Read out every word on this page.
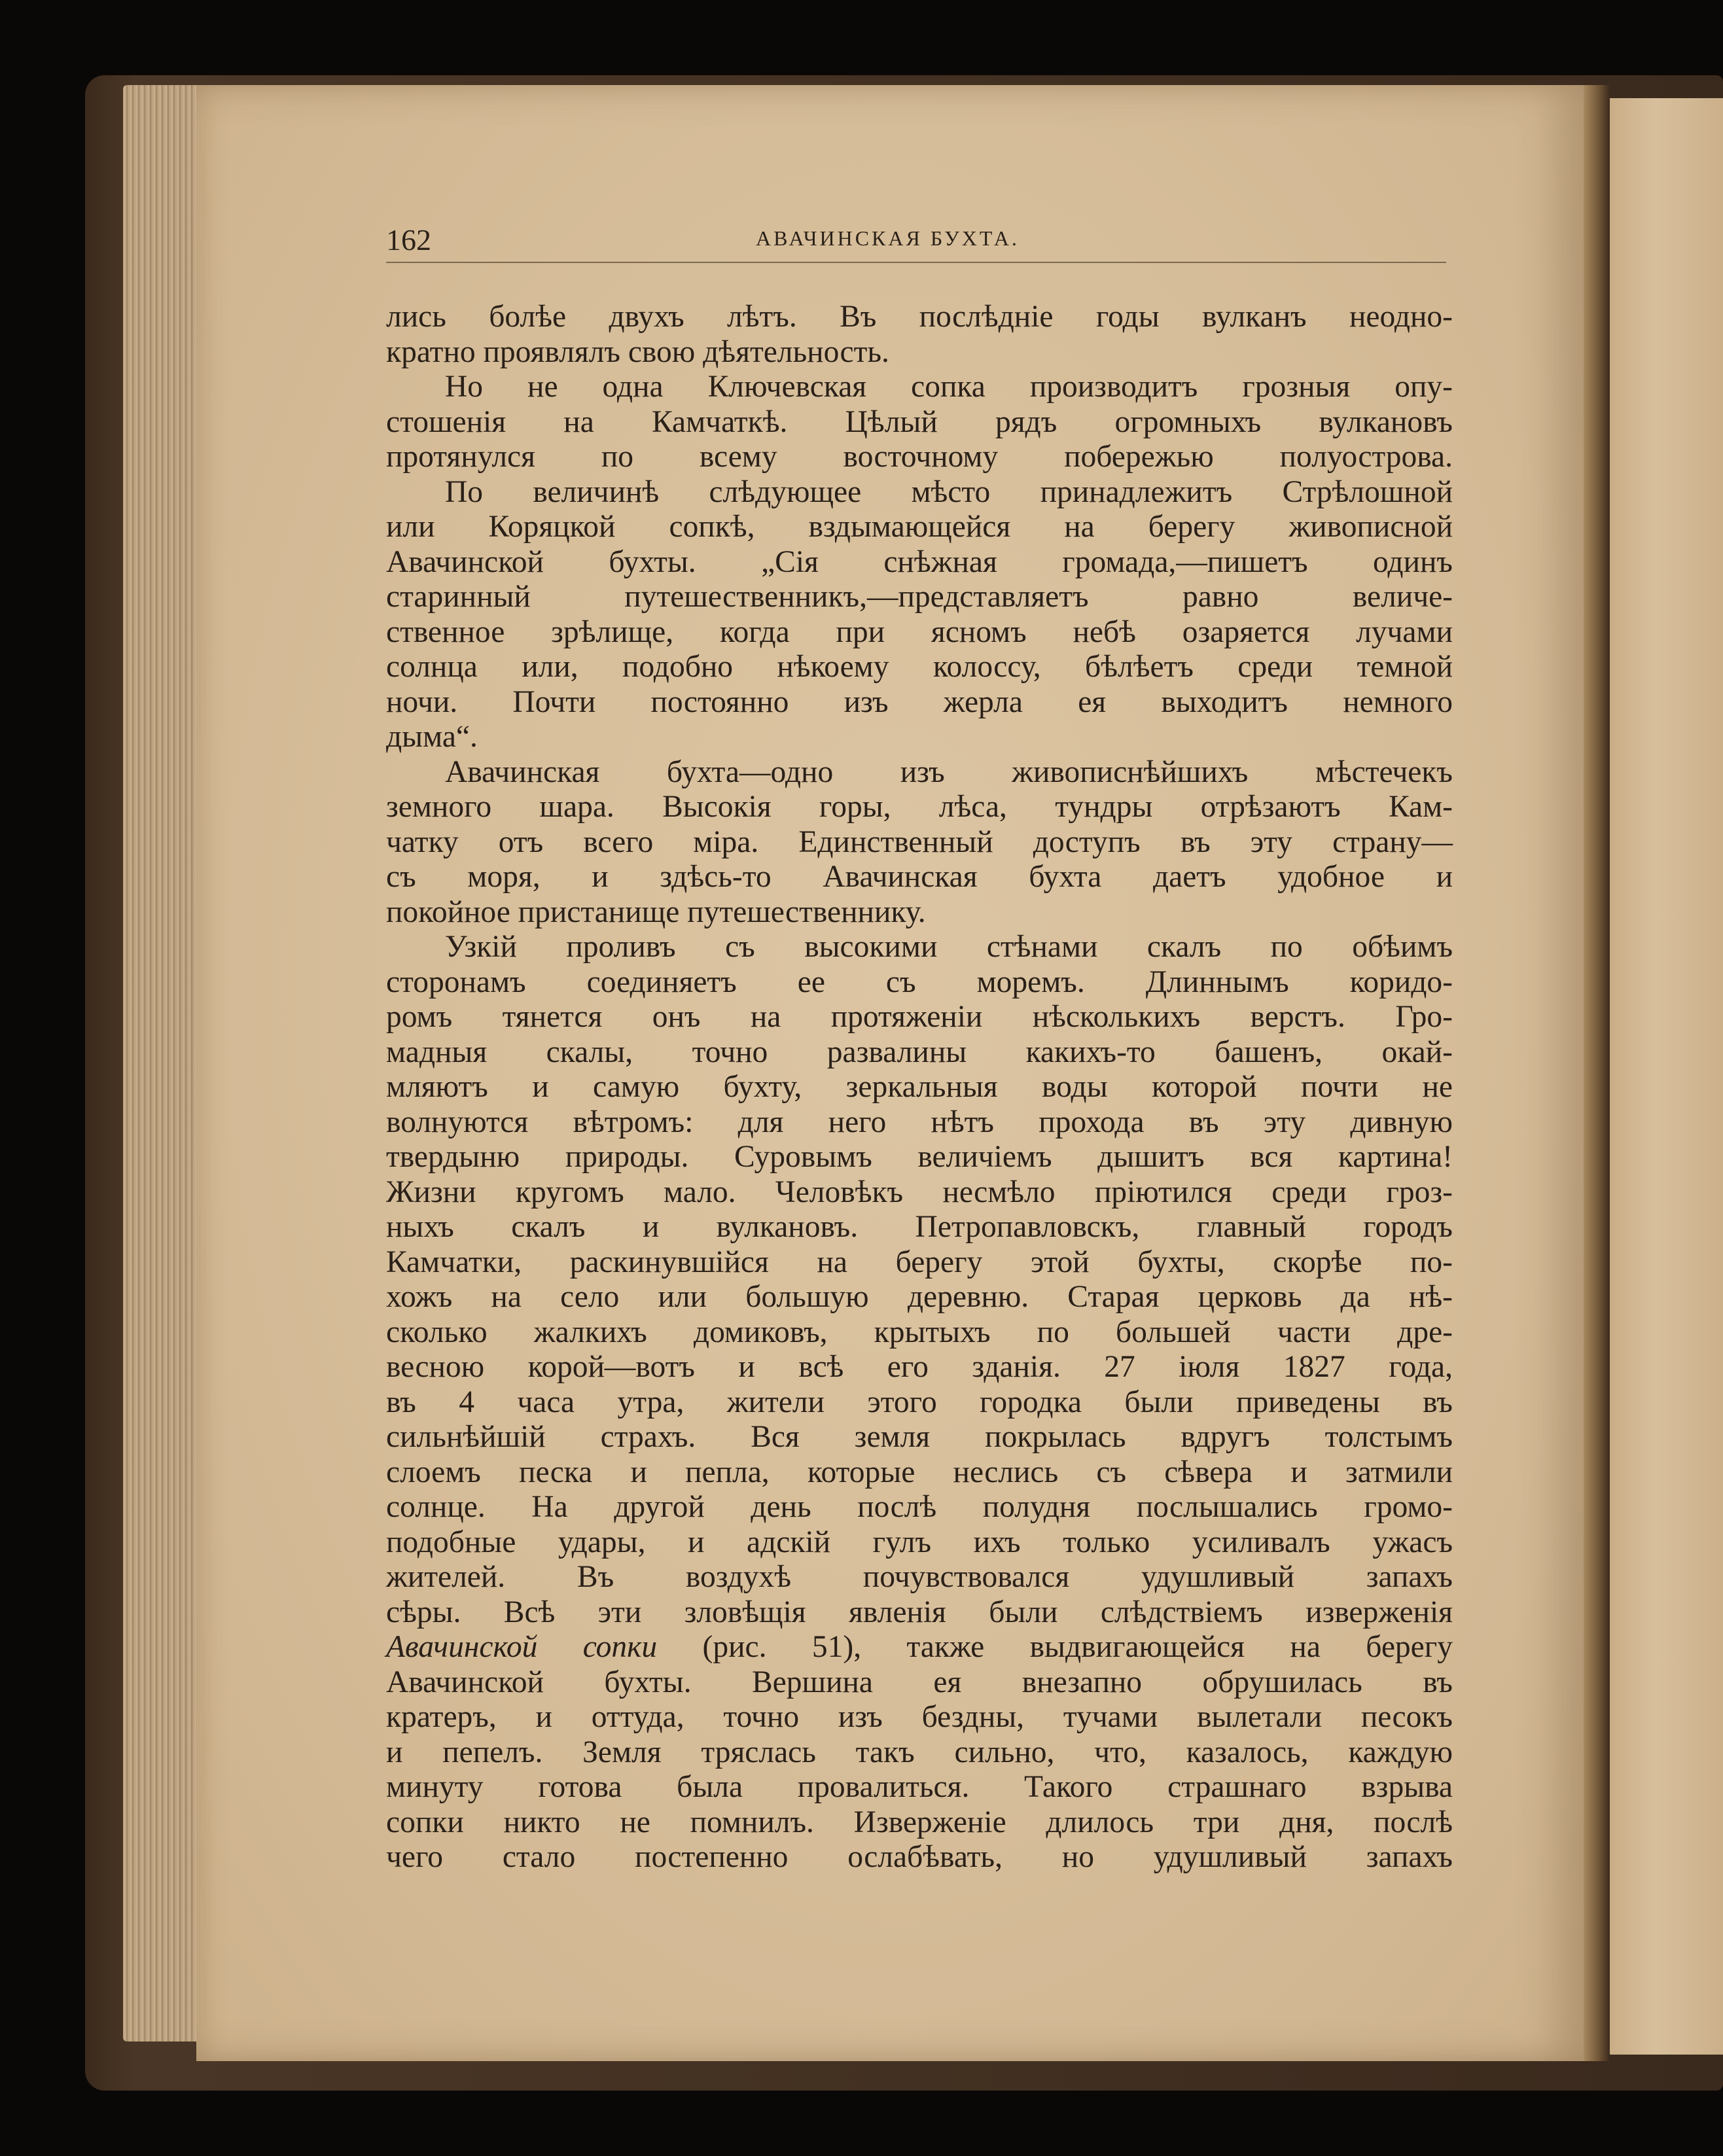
162	АВАЧИНСКАЯ БУХТА.
лись болѣе двухъ лѣтъ. Въ послѣдніе годы вулканъ неодно-
кратно проявлялъ свою дѣятельность.
Но не одна Ключевская сопка производитъ грозныя опу-
стошенія на Камчаткѣ. Цѣлый рядъ огромныхъ вулкановъ
протянулся по всему восточному побережью полуострова.
По величинѣ слѣдующее мѣсто принадлежитъ Стрѣлошной
или Коряцкой сопкѣ, вздымающейся на берегу живописной
Авачинской бухты. „Сія снѣжная громада,—пишетъ одинъ
старинный путешественникъ,—представляетъ равно величе-
ственное зрѣлище, когда при ясномъ небѣ озаряется лучами
солнца или, подобно нѣкоему колоссу, бѣлѣетъ среди темной
ночи. Почти постоянно изъ жерла ея выходитъ немного
дыма“.
Авачинская бухта—одно изъ живописнѣйшихъ мѣстечекъ
земного шара. Высокія горы, лѣса, тундры отрѣзаютъ Кам-
чатку отъ всего міра. Единственный доступъ въ эту страну—
съ моря, и здѣсь-то Авачинская бухта даетъ удобное и
покойное пристанище путешественнику.
Узкій проливъ съ высокими стѣнами скалъ по обѣимъ
сторонамъ соединяетъ ее съ моремъ. Длиннымъ коридо-
ромъ тянется онъ на протяженіи нѣсколькихъ верстъ. Гро-
мадныя скалы, точно развалины какихъ-то башенъ, окай-
мляютъ и самую бухту, зеркальныя воды которой почти не
волнуются вѣтромъ: для него нѣтъ прохода въ эту дивную
твердыню природы. Суровымъ величіемъ дышитъ вся картина!
Жизни кругомъ мало. Человѣкъ несмѣло пріютился среди гроз-
ныхъ скалъ и вулкановъ. Петропавловскъ, главный городъ
Камчатки, раскинувшійся на берегу этой бухты, скорѣе по-
хожъ на село или большую деревню. Старая церковь да нѣ-
сколько жалкихъ домиковъ, крытыхъ по большей части дре-
весною корой—вотъ и всѣ его зданія. 27 іюля 1827 года,
въ 4 часа утра, жители этого городка были приведены въ
сильнѣйшій страхъ. Вся земля покрылась вдругъ толстымъ
слоемъ песка и пепла, которые неслись съ сѣвера и затмили
солнце. На другой день послѣ полудня послышались громо-
подобные удары, и адскій гулъ ихъ только усиливалъ ужасъ
жителей. Въ воздухѣ почувствовался удушливый запахъ
сѣры. Всѣ эти зловѣщія явленія были слѣдствіемъ изверженія
Авачинской сопки (рис. 51), также выдвигающейся на берегу
Авачинской бухты. Вершина ея внезапно обрушилась въ
кратеръ, и оттуда, точно изъ бездны, тучами вылетали песокъ
и пепелъ. Земля тряслась такъ сильно, что, казалось, каждую
минуту готова была провалиться. Такого страшнаго взрыва
сопки никто не помнилъ. Изверженіе длилось три дня, послѣ
чего стало постепенно ослабѣвать, но удушливый запахъ
